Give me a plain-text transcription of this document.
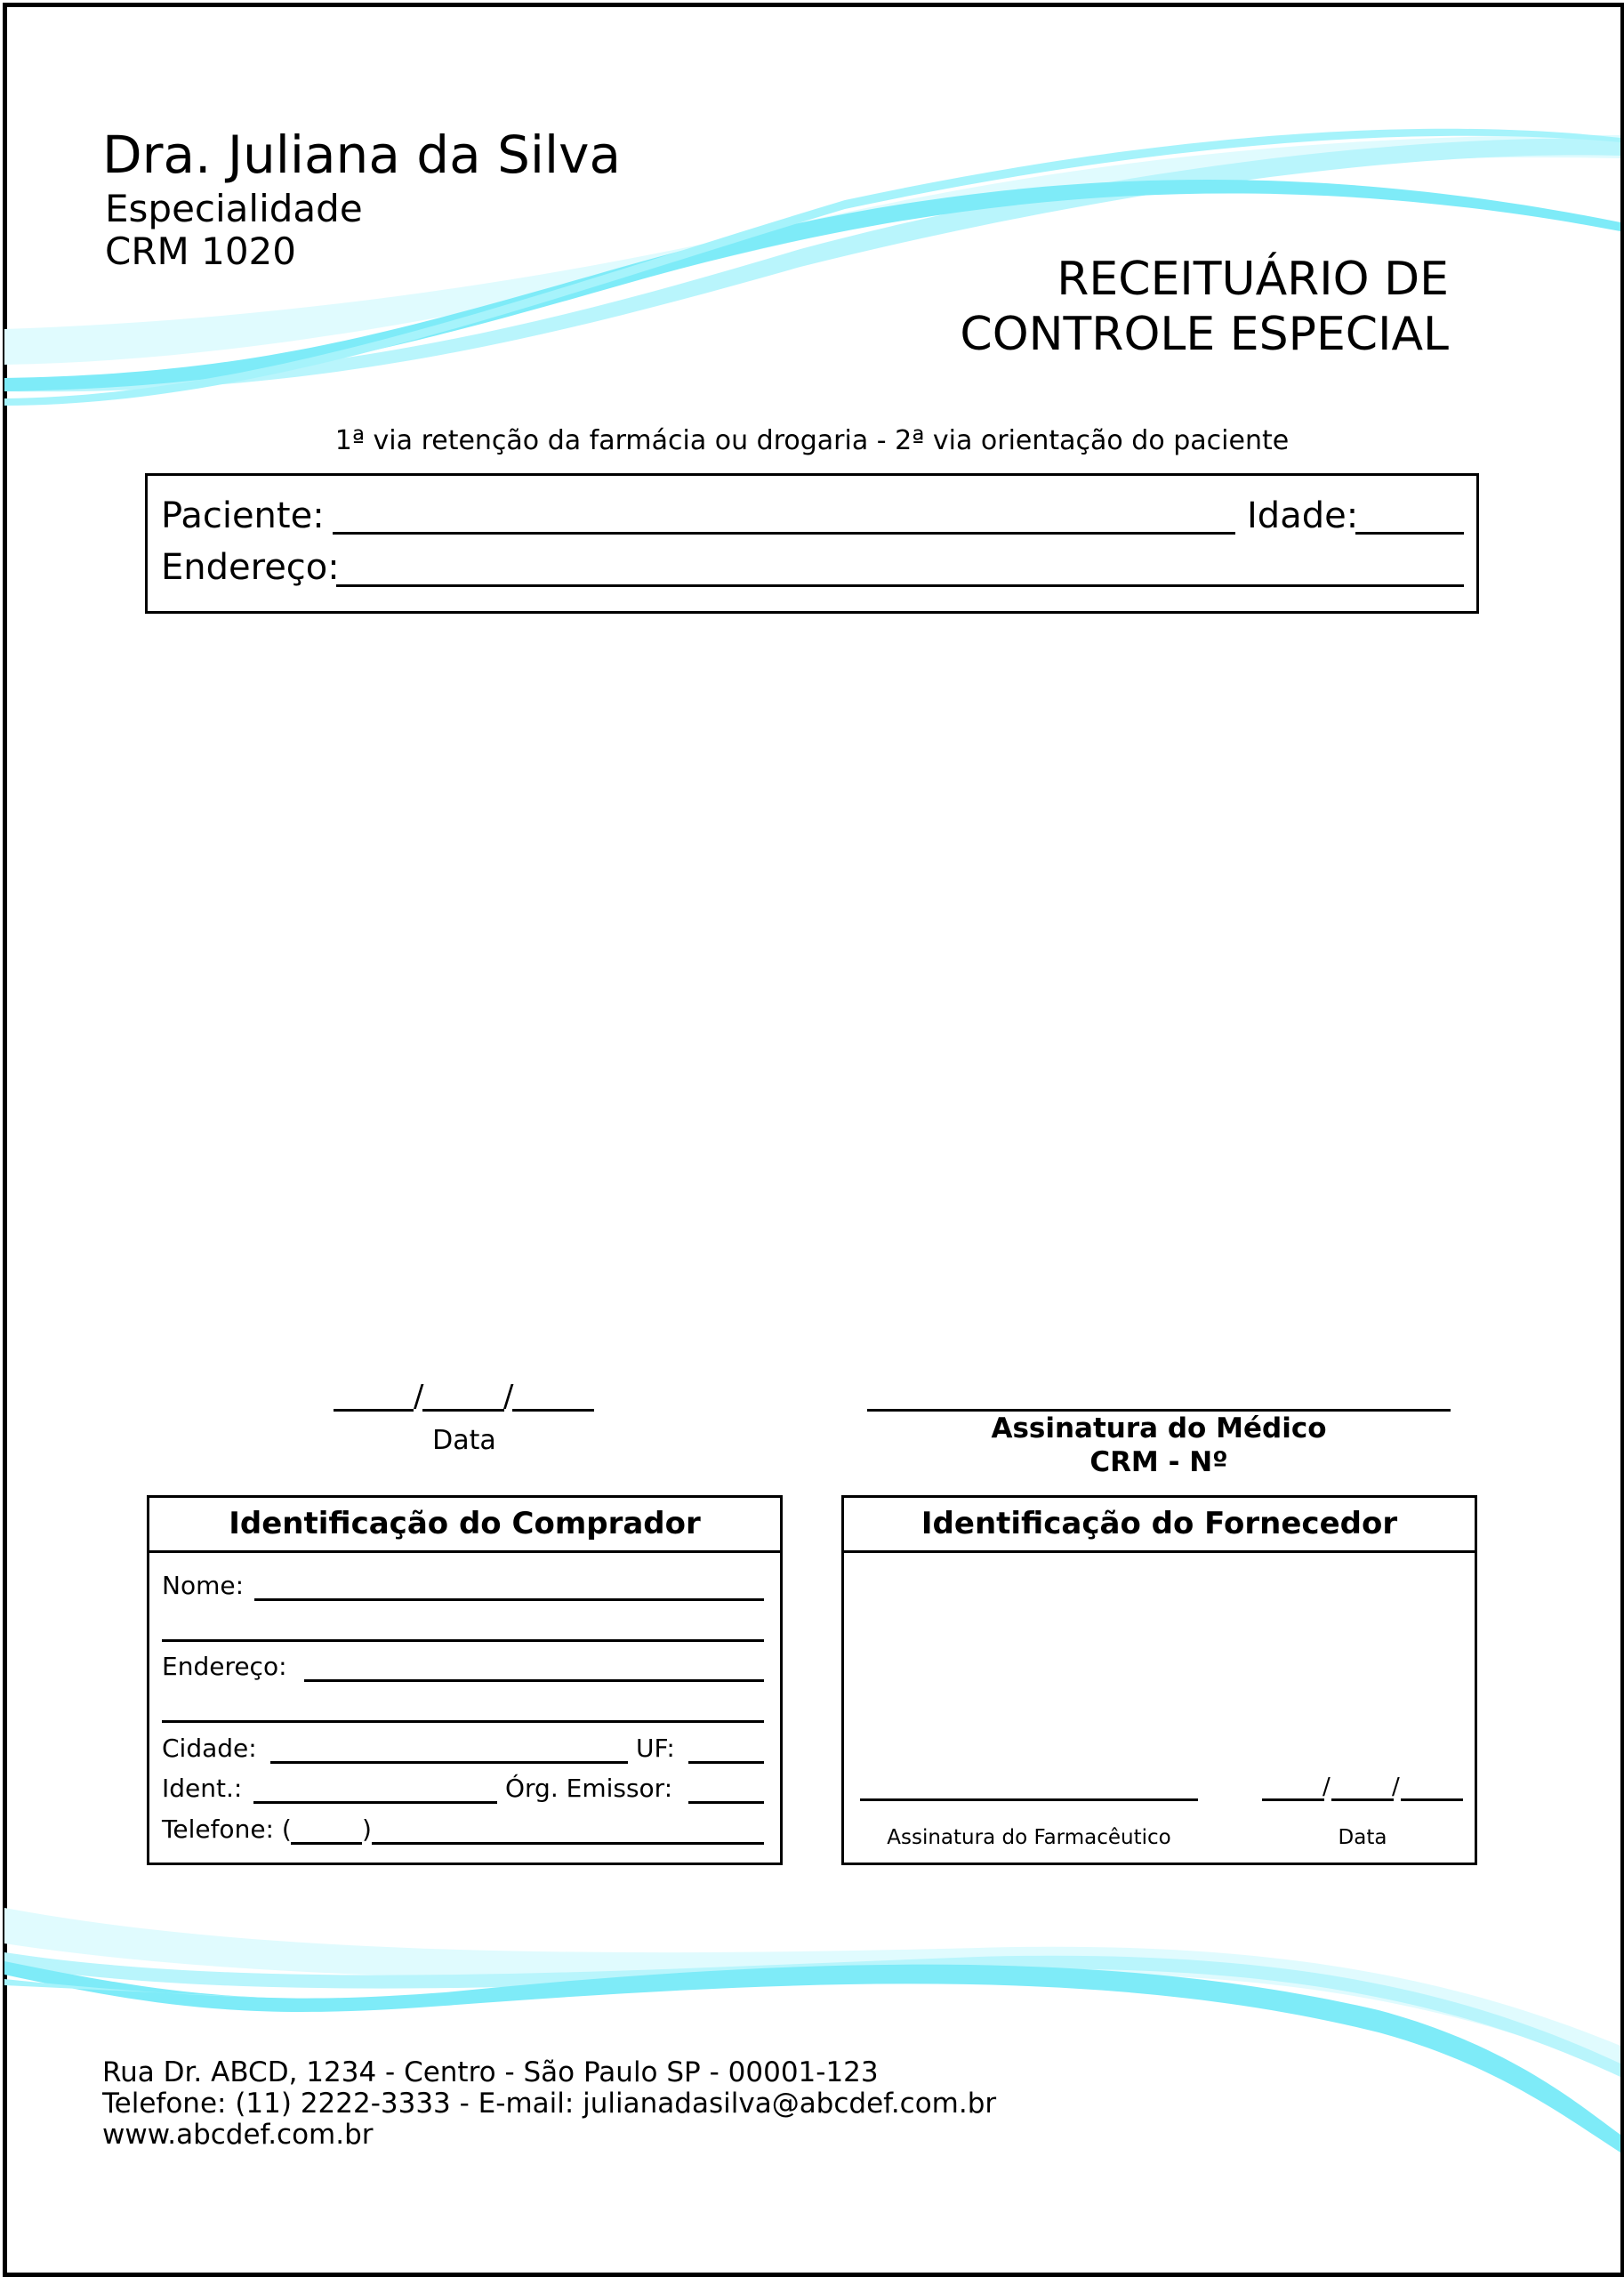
Dra. Juliana da Silva
Especialidade
CRM 1020
RECEITUÁRIO DE
CONTROLE ESPECIAL
1ª via retenção da farmácia ou drogaria - 2ª via orientação do paciente
Paciente:	Idade:
Endereço:
/	/
Data	Assinatura do Médico
CRM - Nº
Identificação do Comprador
Nome:
Endereço:
Cidade:	UF:
Ident.:	Órg. Emissor:
Telefone: (	)
Identificação do Fornecedor
Assinatura do Farmacêutico
/	/
Data
Rua Dr. ABCD, 1234 - Centro - São Paulo SP - 00001-123
Telefone: (11) 2222-3333 - E-mail: julianadasilva@abcdef.com.br
www.abcdef.com.br
